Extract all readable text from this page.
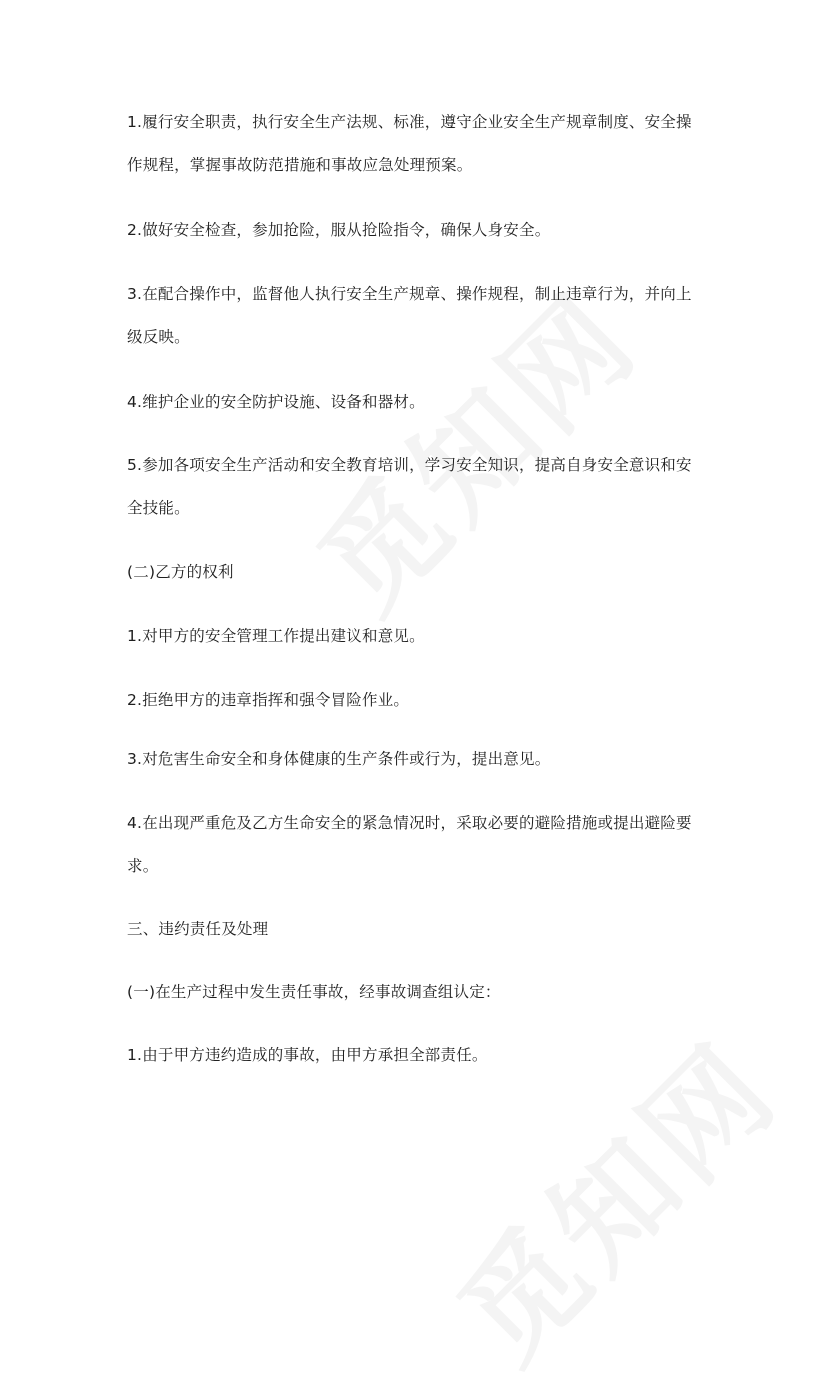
1.履行安全职责，执行安全生产法规、标准，遵守企业安全生产规章制度、安全操作规程，掌握事故防范措施和事故应急处理预案。

2.做好安全检查，参加抢险，服从抢险指令，确保人身安全。

3.在配合操作中，监督他人执行安全生产规章、操作规程，制止违章行为，并向上级反映。

4.维护企业的安全防护设施、设备和器材。

5.参加各项安全生产活动和安全教育培训，学习安全知识，提高自身安全意识和安全技能。

(二)乙方的权利

1.对甲方的安全管理工作提出建议和意见。

2.拒绝甲方的违章指挥和强令冒险作业。

3.对危害生命安全和身体健康的生产条件或行为，提出意见。

4.在出现严重危及乙方生命安全的紧急情况时，采取必要的避险措施或提出避险要求。

三、违约责任及处理

(一)在生产过程中发生责任事故，经事故调查组认定：

1.由于甲方违约造成的事故，由甲方承担全部责任。
